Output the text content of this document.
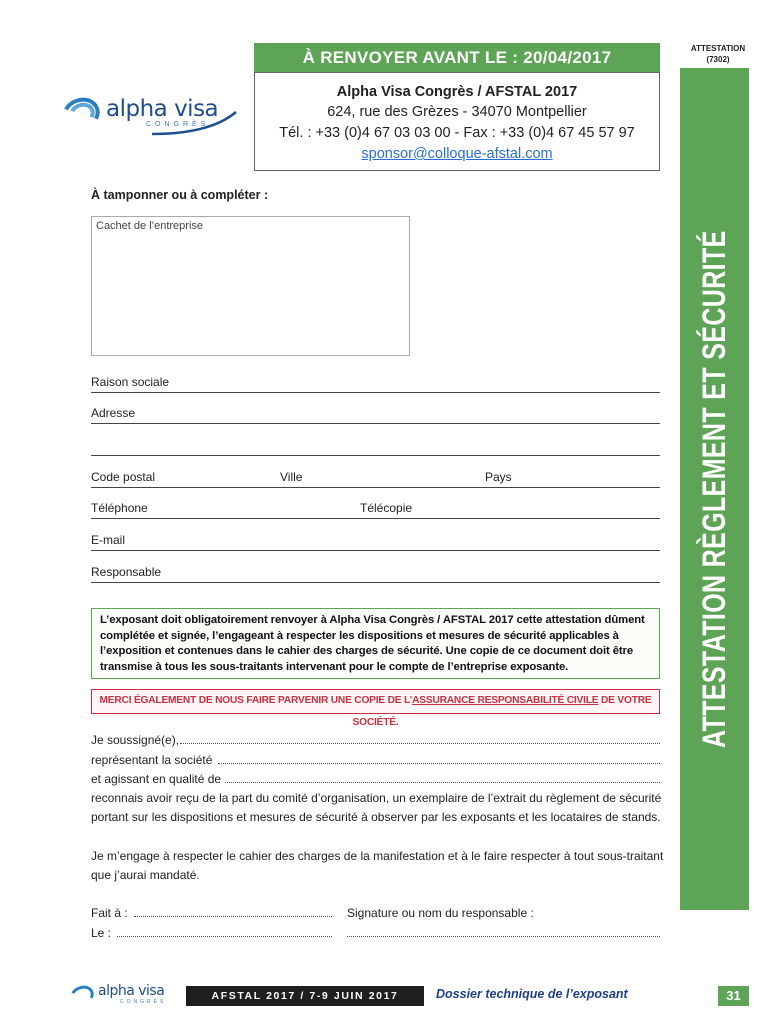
alpha visa
CONGRÈS
À RENVOYER AVANT LE : 20/04/2017
Alpha Visa Congrès / AFSTAL 2017
624, rue des Grèzes - 34070 Montpellier
Tél. : +33 (0)4 67 03 03 00 - Fax : +33 (0)4 67 45 57 97
sponsor@colloque-afstal.com
ATTESTATION
(7302)
ATTESTATION RÈGLEMENT ET SÉCURITÉ
À tamponner ou à compléter :
Cachet de l’entreprise
Raison sociale
Adresse
Code postal	Ville	Pays
Téléphone	Télécopie
E-mail
Responsable
L’exposant doit obligatoirement renvoyer à Alpha Visa Congrès / AFSTAL 2017 cette attestation dûment complétée et signée, l’engageant à respecter les dispositions et mesures de sécurité applicables à l’exposition et contenues dans le cahier des charges de sécurité. Une copie de ce document doit être transmise à tous les sous-traitants intervenant pour le compte de l’entreprise exposante.
MERCI ÉGALEMENT DE NOUS FAIRE PARVENIR UNE COPIE DE L’ASSURANCE RESPONSABILITÉ CIVILE DE VOTRE SOCIÉTÉ.
Je soussigné(e),
représentant la société
et agissant en qualité de
reconnais avoir reçu de la part du comité d’organisation, un exemplaire de l’extrait du règlement de sécurité
portant sur les dispositions et mesures de sécurité à observer par les exposants et les locataires de stands.
Je m’engage à respecter le cahier des charges de la manifestation et à le faire respecter à tout sous-traitant
que j’aurai mandaté.
Fait à :
Le :
Signature ou nom du responsable :
alpha visa
CONGRÈS	AFSTAL 2017 / 7-9 JUIN 2017	Dossier technique de l’exposant	31
